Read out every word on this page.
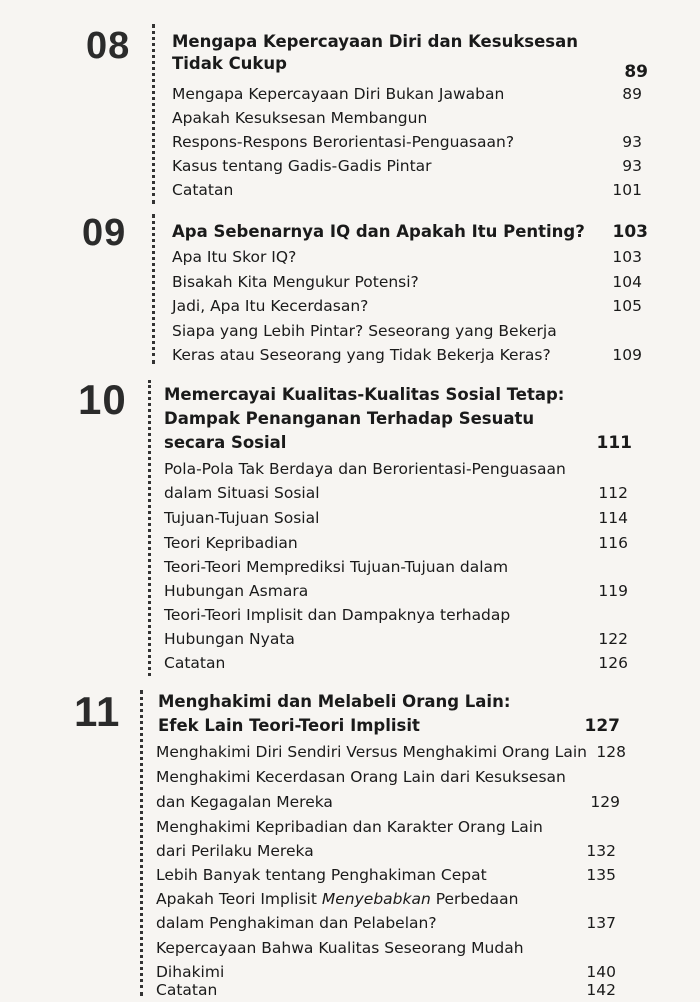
08	Mengapa Kepercayaan Diri dan Kesuksesan
Tidak Cukup	89
Mengapa Kepercayaan Diri Bukan Jawaban	89
Apakah Kesuksesan Membangun
Respons-Respons Berorientasi-Penguasaan?	93
Kasus tentang Gadis-Gadis Pintar	93
Catatan	101
09	Apa Sebenarnya IQ dan Apakah Itu Penting? 103
Apa Itu Skor IQ?	103
Bisakah Kita Mengukur Potensi?	104
Jadi, Apa Itu Kecerdasan?	105
Siapa yang Lebih Pintar? Seseorang yang Bekerja
Keras atau Seseorang yang Tidak Bekerja Keras?	109
10 Memercayai Kualitas-Kualitas Sosial Tetap:
Dampak Penanganan Terhadap Sesuatu
secara Sosial	111
Pola-Pola Tak Berdaya dan Berorientasi-Penguasaan
dalam Situasi Sosial	112
Tujuan-Tujuan Sosial	114
Teori Kepribadian	116
Teori-Teori Memprediksi Tujuan-Tujuan dalam
Hubungan Asmara	119
Teori-Teori Implisit dan Dampaknya terhadap
Hubungan Nyata	122
Catatan	126
11 Menghakimi dan Melabeli Orang Lain:
Efek Lain Teori-Teori Implisit	127
Menghakimi Diri Sendiri Versus Menghakimi Orang Lain 128
Menghakimi Kecerdasan Orang Lain dari Kesuksesan
dan Kegagalan Mereka	129
Menghakimi Kepribadian dan Karakter Orang Lain
dari Perilaku Mereka	132
Lebih Banyak tentang Penghakiman Cepat	135
Apakah Teori Implisit Menyebabkan Perbedaan
dalam Penghakiman dan Pelabelan?	137
Kepercayaan Bahwa Kualitas Seseorang Mudah
Dihakimi	140
Catatan	142
